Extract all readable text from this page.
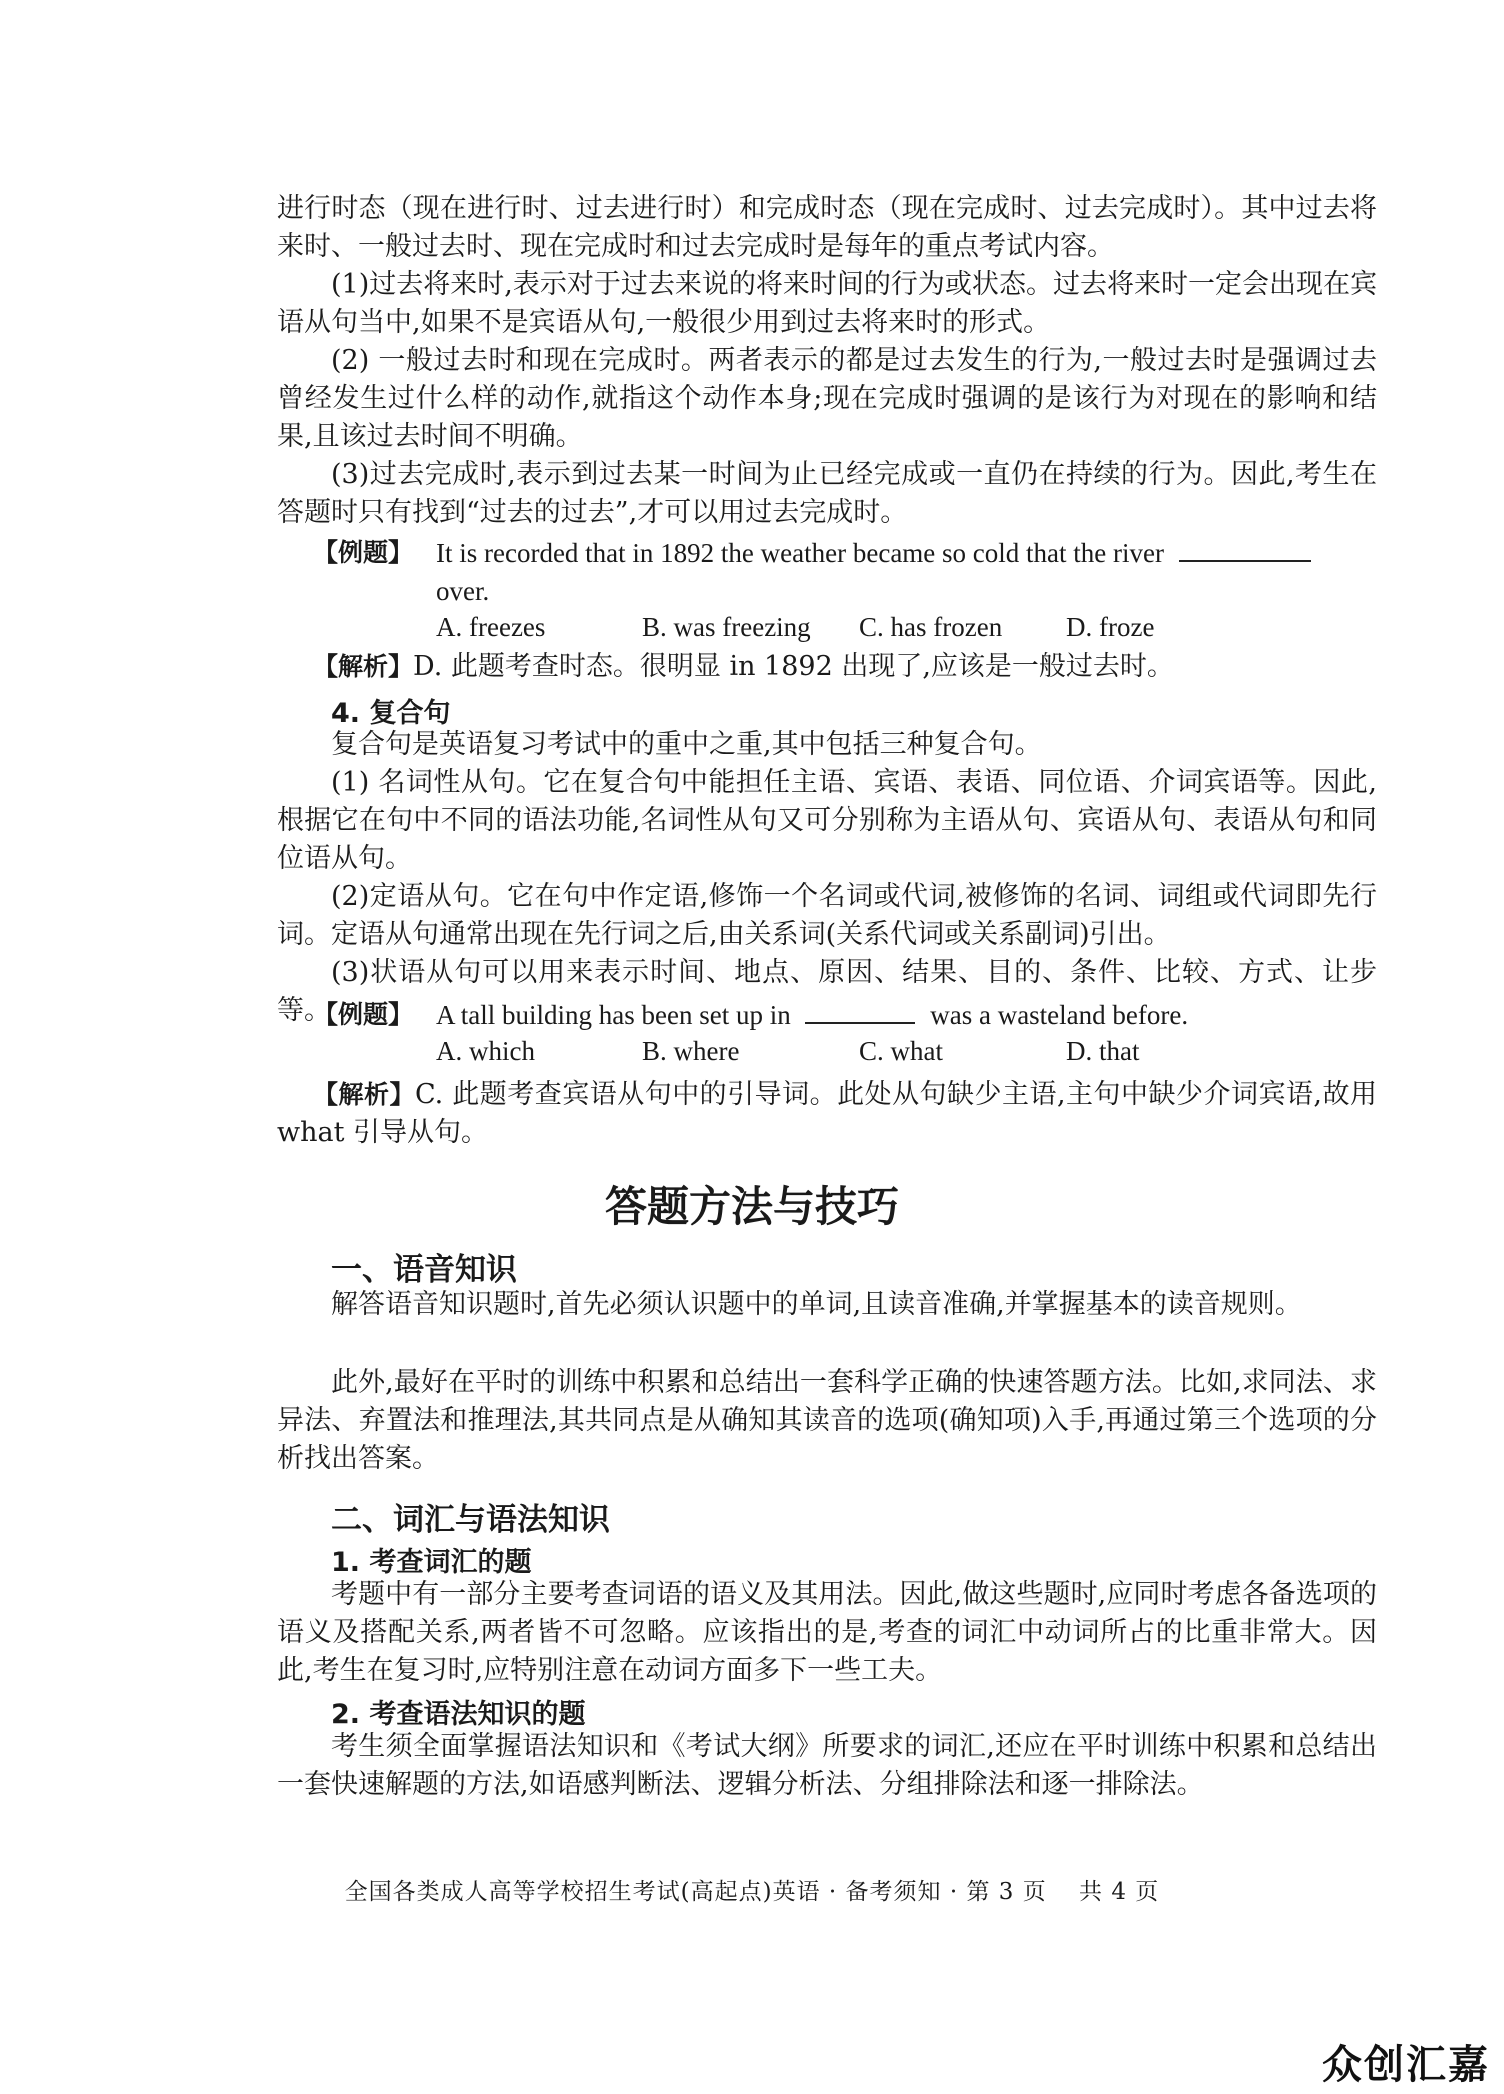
进行时态（现在进行时、过去进行时）和完成时态（现在完成时、过去完成时）。其中过去将来时、一般过去时、现在完成时和过去完成时是每年的重点考试内容。

(1)过去将来时,表示对于过去来说的将来时间的行为或状态。过去将来时一定会出现在宾语从句当中,如果不是宾语从句,一般很少用到过去将来时的形式。

(2) 一般过去时和现在完成时。两者表示的都是过去发生的行为,一般过去时是强调过去曾经发生过什么样的动作,就指这个动作本身;现在完成时强调的是该行为对现在的影响和结果,且该过去时间不明确。

(3)过去完成时,表示到过去某一时间为止已经完成或一直仍在持续的行为。因此,考生在答题时只有找到“过去的过去”,才可以用过去完成时。

【例题】 It is recorded that in 1892 the weather became so cold that the river
over.
A. freezes	B. was freezing C. has frozen D. froze

【解析】D. 此题考查时态。很明显 in 1892 出现了,应该是一般过去时。

4. 复合句

复合句是英语复习考试中的重中之重,其中包括三种复合句。

(1) 名词性从句。它在复合句中能担任主语、宾语、表语、同位语、介词宾语等。因此,根据它在句中不同的语法功能,名词性从句又可分别称为主语从句、宾语从句、表语从句和同位语从句。

(2)定语从句。它在句中作定语,修饰一个名词或代词,被修饰的名词、词组或代词即先行词。定语从句通常出现在先行词之后,由关系词(关系代词或关系副词)引出。

(3)状语从句可以用来表示时间、地点、原因、结果、目的、条件、比较、方式、让步等。

【例题】 A tall building has been set up in	was a wasteland before.
A. which	B. where	C. what	D. that

【解析】C. 此题考查宾语从句中的引导词。此处从句缺少主语,主句中缺少介词宾语,故用 what 引导从句。

答题方法与技巧
一、语音知识

解答语音知识题时,首先必须认识题中的单词,且读音准确,并掌握基本的读音规则。

此外,最好在平时的训练中积累和总结出一套科学正确的快速答题方法。比如,求同法、求异法、弃置法和推理法,其共同点是从确知其读音的选项(确知项)入手,再通过第三个选项的分析找出答案。

二、词汇与语法知识
1. 考查词汇的题

考题中有一部分主要考查词语的语义及其用法。因此,做这些题时,应同时考虑各备选项的语义及搭配关系,两者皆不可忽略。应该指出的是,考查的词汇中动词所占的比重非常大。因此,考生在复习时,应特别注意在动词方面多下一些工夫。

2. 考查语法知识的题

考生须全面掌握语法知识和《考试大纲》所要求的词汇,还应在平时训练中积累和总结出一套快速解题的方法,如语感判断法、逻辑分析法、分组排除法和逐一排除法。

全国各类成人高等学校招生考试(高起点)英语 · 备考须知 · 第 3 页　 共 4 页
众创汇嘉
